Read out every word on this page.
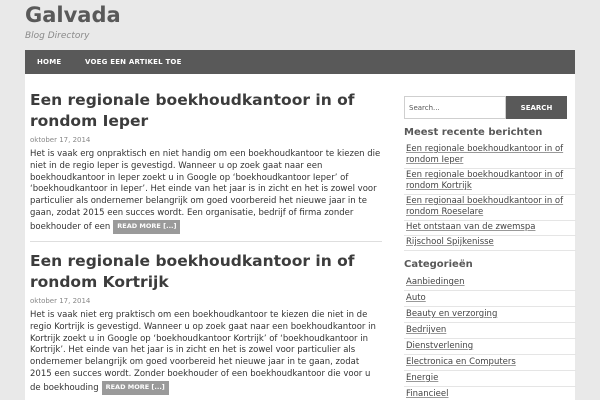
Galvada
Blog Directory
HOME	VOEG EEN ARTIKEL TOE
Een regionale boekhoudkantoor in of rondom Ieper
oktober 17, 2014

Het is vaak erg onpraktisch en niet handig om een boekhoudkantoor te kiezen die niet in de regio Ieper is gevestigd. Wanneer u op zoek gaat naar een boekhoudkantoor in Ieper zoekt u in Google op ‘boekhoudkantoor Ieper’ of ‘boekhoudkantoor in Ieper’. Het einde van het jaar is in zicht en het is zowel voor particulier als ondernemer belangrijk om goed voorbereid het nieuwe jaar in te gaan, zodat 2015 een succes wordt. Een organisatie, bedrijf of firma zonder boekhouder of een READ MORE [...]

Een regionale boekhoudkantoor in of rondom Kortrijk
oktober 17, 2014

Het is vaak niet erg praktisch om een boekhoudkantoor te kiezen die niet in de regio Kortrijk is gevestigd. Wanneer u op zoek gaat naar een boekhoudkantoor in Kortrijk zoekt u in Google op ‘boekhoudkantoor Kortrijk’ of ‘boekhoudkantoor in Kortrijk’. Het einde van het jaar is in zicht en het is zowel voor particulier als ondernemer belangrijk om goed voorbereid het nieuwe jaar in te gaan, zodat 2015 een succes wordt. Zonder boekhouder of een boekhoudkantoor die voor u de boekhouding READ MORE [...]

Search...
SEARCH
Meest recente berichten
Een regionale boekhoudkantoor in of rondom Ieper
Een regionale boekhoudkantoor in of rondom Kortrijk
Een regionaal boekhoudkantoor in of rondom Roeselare
Het ontstaan van de zwemspa
Rijschool Spijkenisse
Categorieën
Aanbiedingen
Auto
Beauty en verzorging
Bedrijven
Dienstverlening
Electronica en Computers
Energie
Financieel
